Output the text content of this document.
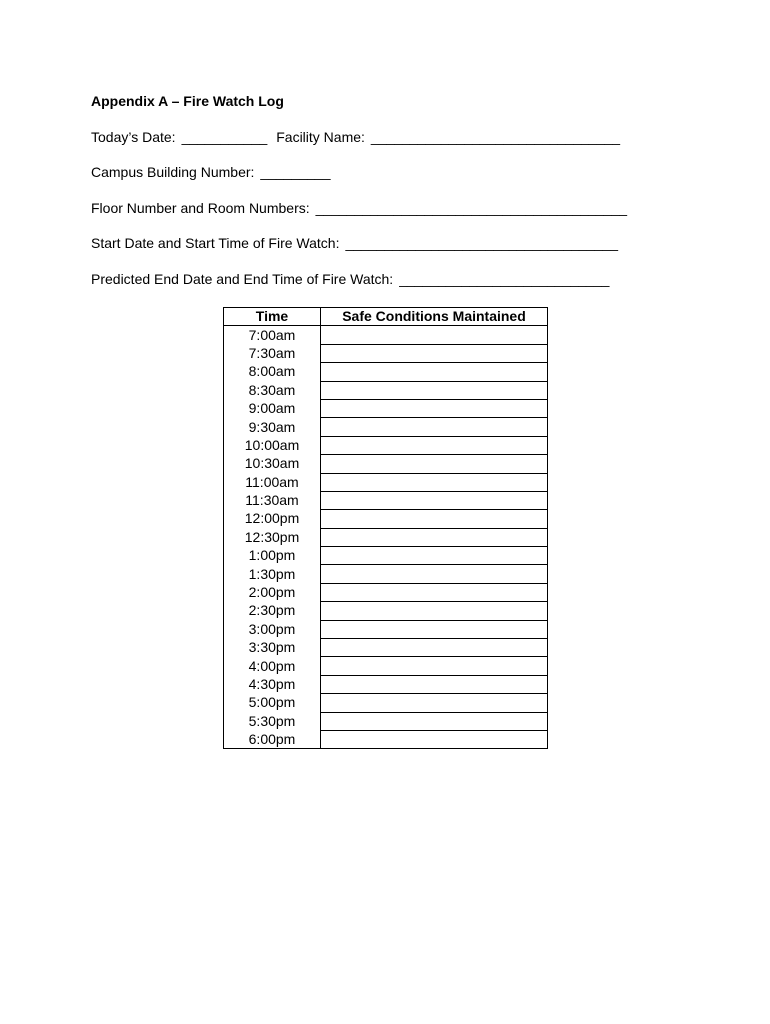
Appendix A – Fire Watch Log
Today’s Date: ___________ Facility Name: ________________________________
Campus Building Number: _________
Floor Number and Room Numbers: ________________________________________
Start Date and Start Time of Fire Watch: ___________________________________
Predicted End Date and End Time of Fire Watch: ___________________________
Time	Safe Conditions Maintained
7:00am	
7:30am	
8:00am	
8:30am	
9:00am	
9:30am	
10:00am	
10:30am	
11:00am	
11:30am	
12:00pm	
12:30pm	
1:00pm	
1:30pm	
2:00pm	
2:30pm	
3:00pm	
3:30pm	
4:00pm	
4:30pm	
5:00pm	
5:30pm	
6:00pm	
